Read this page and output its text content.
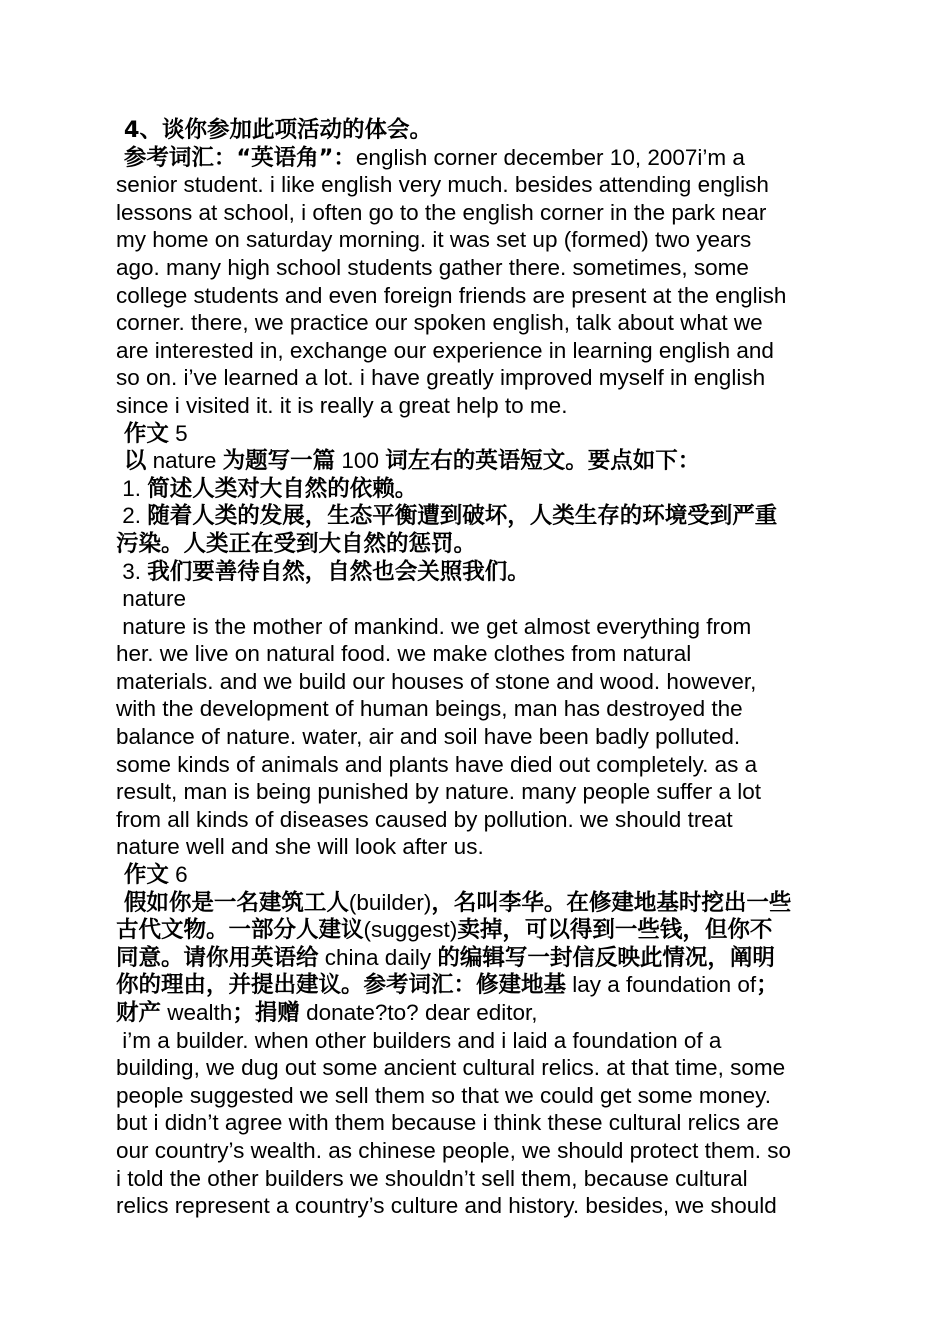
4、谈你参加此项活动的体会。
参考词汇：“英语角”：english corner december 10, 2007i’m a
senior student. i like english very much. besides attending english
lessons at school, i often go to the english corner in the park near
my home on saturday morning. it was set up (formed) two years
ago. many high school students gather there. sometimes, some
college students and even foreign friends are present at the english
corner. there, we practice our spoken english, talk about what we
are interested in, exchange our experience in learning english and
so on. i’ve learned a lot. i have greatly improved myself in english
since i visited it. it is really a great help to me.
作文 5
以 nature 为题写一篇 100 词左右的英语短文。要点如下：
1. 简述人类对大自然的依赖。
2. 随着人类的发展，生态平衡遭到破坏，人类生存的环境受到严重
污染。人类正在受到大自然的惩罚。
3. 我们要善待自然，自然也会关照我们。
nature
nature is the mother of mankind. we get almost everything from
her. we live on natural food. we make clothes from natural
materials. and we build our houses of stone and wood. however,
with the development of human beings, man has destroyed the
balance of nature. water, air and soil have been badly polluted.
some kinds of animals and plants have died out completely. as a
result, man is being punished by nature. many people suffer a lot
from all kinds of diseases caused by pollution. we should treat
nature well and she will look after us.
作文 6
假如你是一名建筑工人(builder)，名叫李华。在修建地基时挖出一些
古代文物。一部分人建议(suggest)卖掉，可以得到一些钱，但你不
同意。请你用英语给 china daily 的编辑写一封信反映此情况，阐明
你的理由，并提出建议。参考词汇：修建地基 lay a foundation of；
财产 wealth；捐赠 donate?to? dear editor,
i’m a builder. when other builders and i laid a foundation of a
building, we dug out some ancient cultural relics. at that time, some
people suggested we sell them so that we could get some money.
but i didn’t agree with them because i think these cultural relics are
our country’s wealth. as chinese people, we should protect them. so
i told the other builders we shouldn’t sell them, because cultural
relics represent a country’s culture and history. besides, we should
